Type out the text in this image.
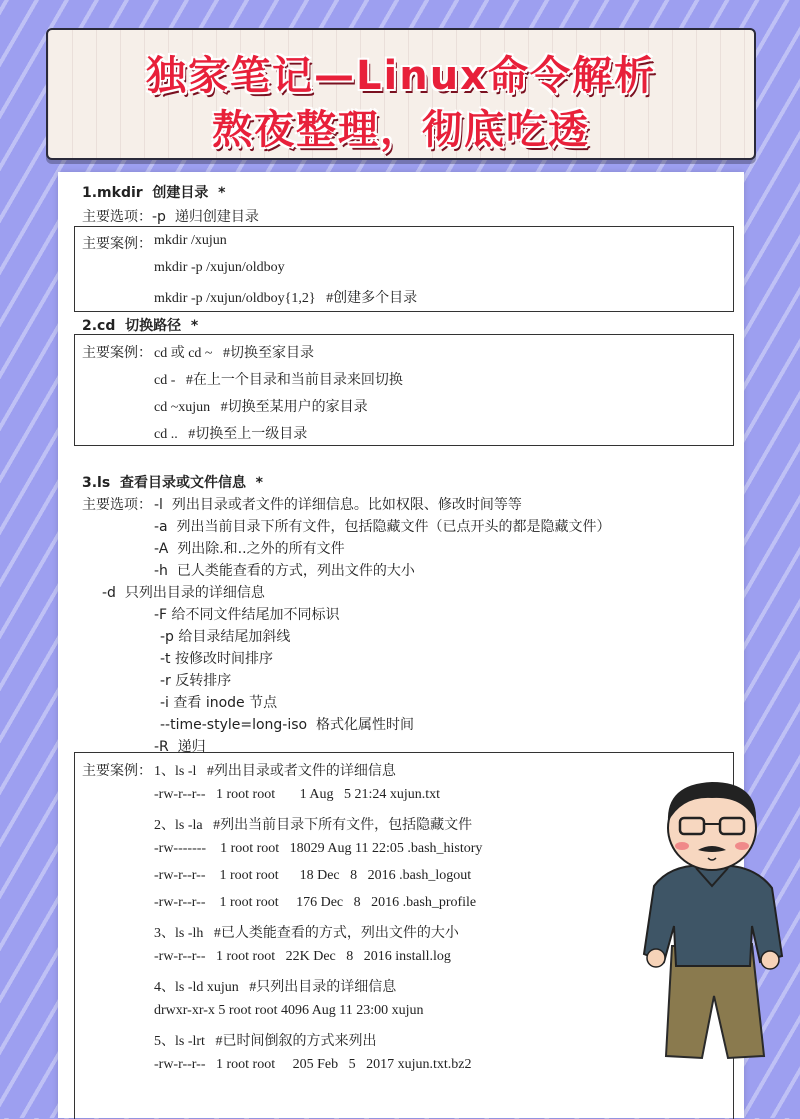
独家笔记—Linux命令解析
熬夜整理，彻底吃透
1.mkdir  创建目录  *
主要选项：-p  递归创建目录
主要案例： mkdir /xujun
mkdir -p /xujun/oldboy
mkdir -p /xujun/oldboy{1,2}   #创建多个目录
2.cd  切换路径  *
主要案例： cd 或 cd ~   #切换至家目录
cd -   #在上一个目录和当前目录来回切换
cd ~xujun   #切换至某用户的家目录
cd ..   #切换至上一级目录
3.ls  查看目录或文件信息  *
主要选项： -l  列出目录或者文件的详细信息。比如权限、修改时间等等
-a  列出当前目录下所有文件，包括隐藏文件（已点开头的都是隐藏文件）
-A  列出除.和..之外的所有文件
-h  已人类能查看的方式，列出文件的大小
-d  只列出目录的详细信息
-F 给不同文件结尾加不同标识
-p 给目录结尾加斜线
-t 按修改时间排序
-r 反转排序
-i 查看 inode 节点
--time-style=long-iso  格式化属性时间
-R  递归
主要案例： 1、ls -l   #列出目录或者文件的详细信息
-rw-r--r--   1 root root       1 Aug   5 21:24 xujun.txt
2、ls -la   #列出当前目录下所有文件，包括隐藏文件
-rw-------    1 root root   18029 Aug 11 22:05 .bash_history
-rw-r--r--    1 root root      18 Dec   8   2016 .bash_logout
-rw-r--r--    1 root root     176 Dec   8   2016 .bash_profile
3、ls -lh   #已人类能查看的方式，列出文件的大小
-rw-r--r--   1 root root   22K Dec   8   2016 install.log
4、ls -ld xujun   #只列出目录的详细信息
drwxr-xr-x 5 root root 4096 Aug 11 23:00 xujun
5、ls -lrt   #已时间倒叙的方式来列出
-rw-r--r--   1 root root     205 Feb   5   2017 xujun.txt.bz2
